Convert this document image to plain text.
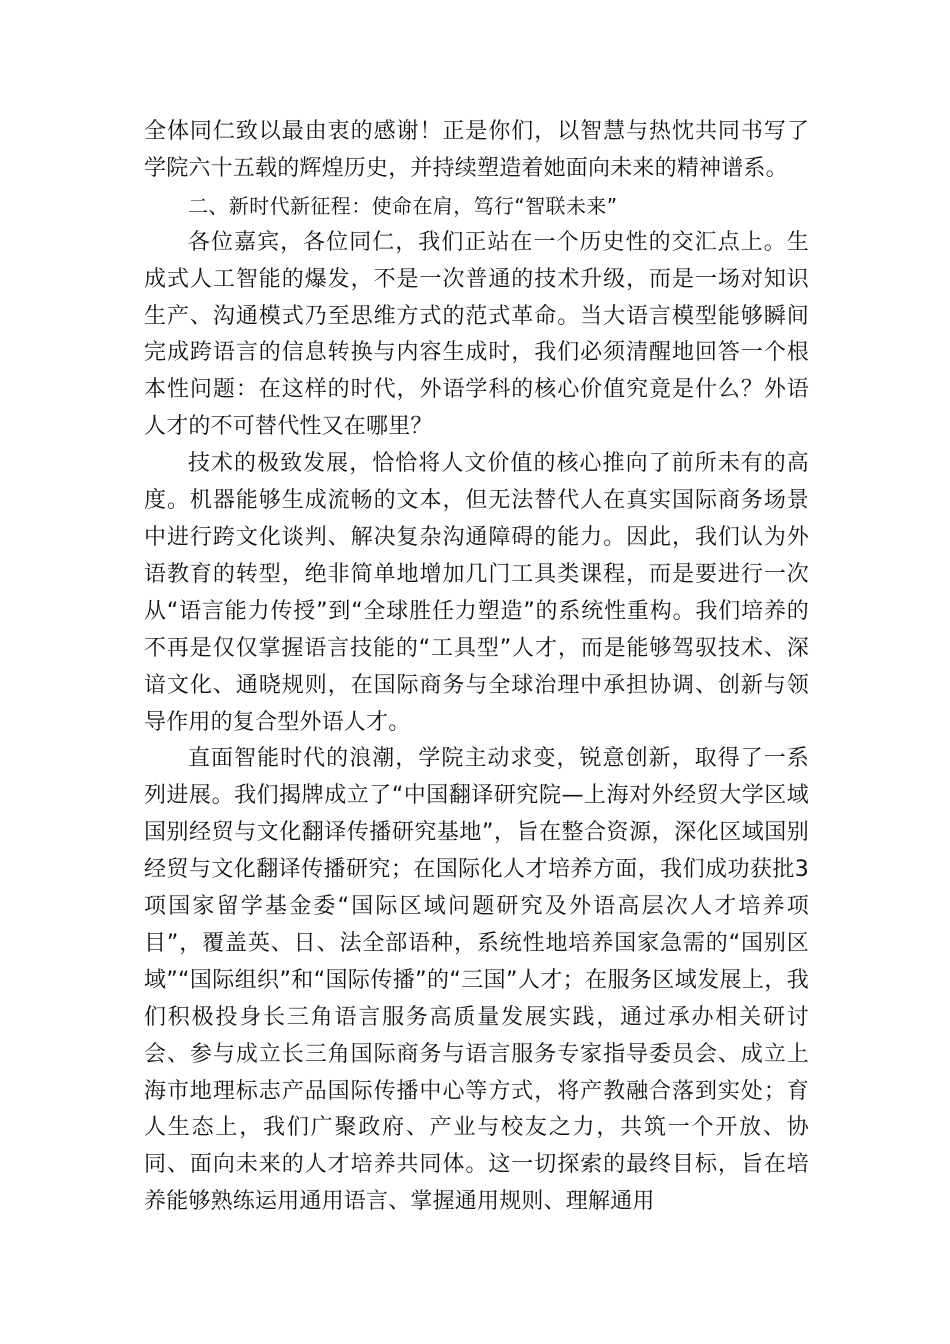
全体同仁致以最由衷的感谢！正是你们，以智慧与热忱共同书写了学院六十五载的辉煌历史，并持续塑造着她面向未来的精神谱系。

二、新时代新征程：使命在肩，笃行“智联未来”

各位嘉宾，各位同仁，我们正站在一个历史性的交汇点上。生成式人工智能的爆发，不是一次普通的技术升级，而是一场对知识生产、沟通模式乃至思维方式的范式革命。当大语言模型能够瞬间完成跨语言的信息转换与内容生成时，我们必须清醒地回答一个根本性问题：在这样的时代，外语学科的核心价值究竟是什么？外语人才的不可替代性又在哪里？

技术的极致发展，恰恰将人文价值的核心推向了前所未有的高度。机器能够生成流畅的文本，但无法替代人在真实国际商务场景中进行跨文化谈判、解决复杂沟通障碍的能力。因此，我们认为外语教育的转型，绝非简单地增加几门工具类课程，而是要进行一次从“语言能力传授”到“全球胜任力塑造”的系统性重构。我们培养的不再是仅仅掌握语言技能的“工具型”人才，而是能够驾驭技术、深谙文化、通晓规则，在国际商务与全球治理中承担协调、创新与领导作用的复合型外语人才。

直面智能时代的浪潮，学院主动求变，锐意创新，取得了一系列进展。我们揭牌成立了“中国翻译研究院—上海对外经贸大学区域国别经贸与文化翻译传播研究基地”，旨在整合资源，深化区域国别经贸与文化翻译传播研究；在国际化人才培养方面，我们成功获批3项国家留学基金委“国际区域问题研究及外语高层次人才培养项目”，覆盖英、日、法全部语种，系统性地培养国家急需的“国别区域”“国际组织”和“国际传播”的“三国”人才；在服务区域发展上，我们积极投身长三角语言服务高质量发展实践，通过承办相关研讨会、参与成立长三角国际商务与语言服务专家指导委员会、成立上海市地理标志产品国际传播中心等方式，将产教融合落到实处；育人生态上，我们广聚政府、产业与校友之力，共筑一个开放、协同、面向未来的人才培养共同体。这一切探索的最终目标，旨在培养能够熟练运用通用语言、掌握通用规则、理解通用
